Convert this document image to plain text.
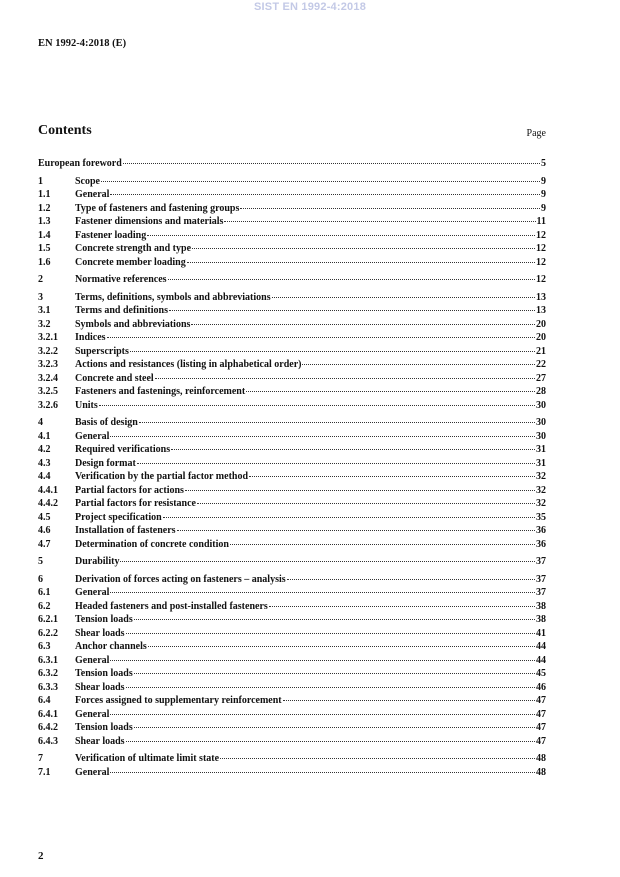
SIST EN 1992-4:2018
EN 1992-4:2018 (E)
Contents	Page
European foreword	5
1	Scope	9
1.1	General	9
1.2	Type of fasteners and fastening groups	9
1.3	Fastener dimensions and materials	11
1.4	Fastener loading	12
1.5	Concrete strength and type	12
1.6	Concrete member loading	12
2	Normative references	12
3	Terms, definitions, symbols and abbreviations	13
3.1	Terms and definitions	13
3.2	Symbols and abbreviations	20
3.2.1	Indices	20
3.2.2	Superscripts	21
3.2.3	Actions and resistances (listing in alphabetical order)	22
3.2.4	Concrete and steel	27
3.2.5	Fasteners and fastenings, reinforcement	28
3.2.6	Units	30
4	Basis of design	30
4.1	General	30
4.2	Required verifications	31
4.3	Design format	31
4.4	Verification by the partial factor method	32
4.4.1	Partial factors for actions	32
4.4.2	Partial factors for resistance	32
4.5	Project specification	35
4.6	Installation of fasteners	36
4.7	Determination of concrete condition	36
5	Durability	37
6	Derivation of forces acting on fasteners – analysis	37
6.1	General	37
6.2	Headed fasteners and post-installed fasteners	38
6.2.1	Tension loads	38
6.2.2	Shear loads	41
6.3	Anchor channels	44
6.3.1	General	44
6.3.2	Tension loads	45
6.3.3	Shear loads	46
6.4	Forces assigned to supplementary reinforcement	47
6.4.1	General	47
6.4.2	Tension loads	47
6.4.3	Shear loads	47
7	Verification of ultimate limit state	48
7.1	General	48
2
